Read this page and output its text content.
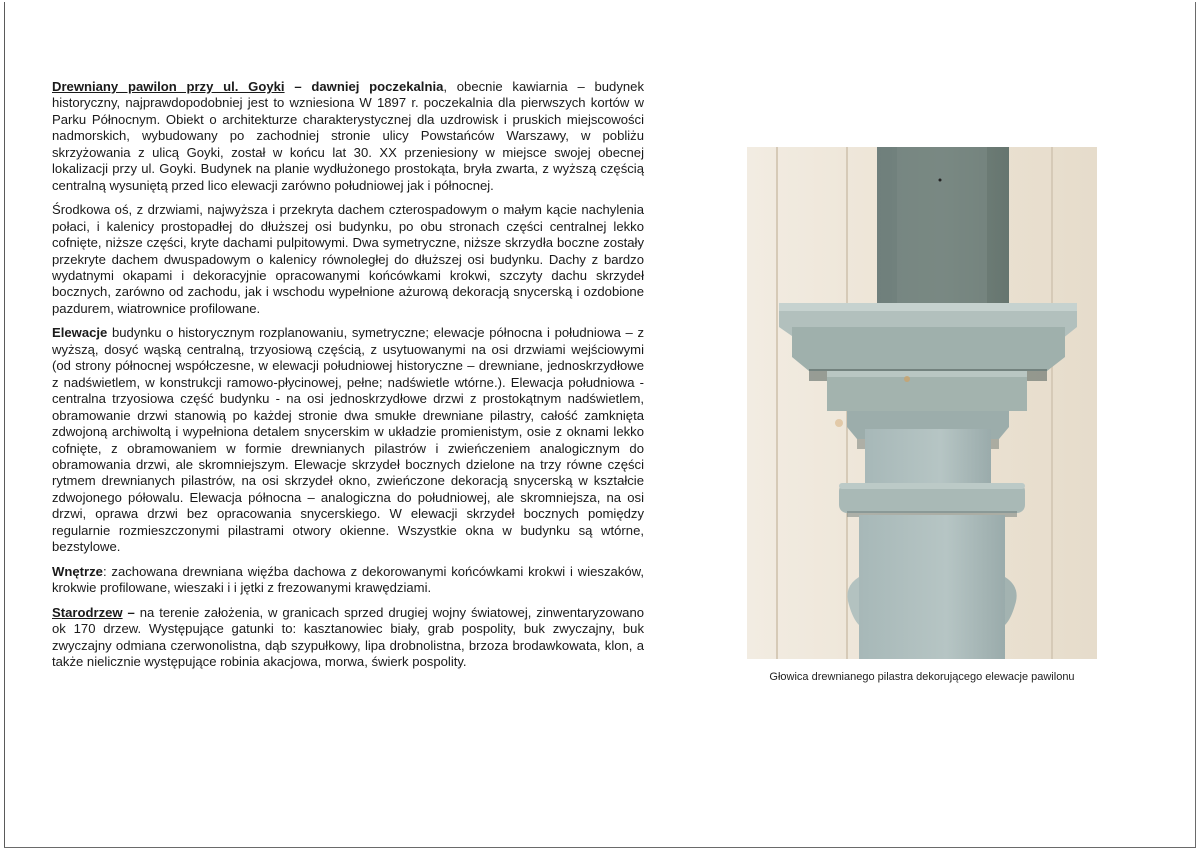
Drewniany pawilon przy ul. Goyki – dawniej poczekalnia, obecnie kawiarnia – budynek historyczny, najprawdopodobniej jest to wzniesiona W 1897 r. poczekalnia dla pierwszych kortów w Parku Północnym. Obiekt o architekturze charakterystycznej dla uzdrowisk i pruskich miejscowości nadmorskich, wybudowany po zachodniej stronie ulicy Powstańców Warszawy, w pobliżu skrzyżowania z ulicą Goyki, został w końcu lat 30. XX przeniesiony w miejsce swojej obecnej lokalizacji przy ul. Goyki. Budynek na planie wydłużonego prostokąta, bryła zwarta, z wyższą częścią centralną wysuniętą przed lico elewacji zarówno południowej jak i północnej.

Środkowa oś, z drzwiami, najwyższa i przekryta dachem czterospadowym o małym kącie nachylenia połaci, i kalenicy prostopadłej do dłuższej osi budynku, po obu stronach części centralnej lekko cofnięte, niższe części, kryte dachami pulpitowymi. Dwa symetryczne, niższe skrzydła boczne zostały przekryte dachem dwuspadowym o kalenicy równoległej do dłuższej osi budynku. Dachy z bardzo wydatnymi okapami i dekoracyjnie opracowanymi końcówkami krokwi, szczyty dachu skrzydeł bocznych, zarówno od zachodu, jak i wschodu wypełnione ażurową dekoracją snycerską i ozdobione pazdurem, wiatrownice profilowane.

Elewacje budynku o historycznym rozplanowaniu, symetryczne; elewacje północna i południowa – z wyższą, dosyć wąską centralną, trzyosiową częścią, z usytuowanymi na osi drzwiami wejściowymi (od strony północnej współczesne, w elewacji południowej historyczne – drewniane, jednoskrzydłowe z nadświetlem, w konstrukcji ramowo-płycinowej, pełne; nadświetle wtórne.). Elewacja południowa - centralna trzyosiowa część budynku - na osi jednoskrzydłowe drzwi z prostokątnym nadświetlem, obramowanie drzwi stanowią po każdej stronie dwa smukłe drewniane pilastry, całość zamknięta zdwojoną archiwoltą i wypełniona detalem snycerskim w układzie promienistym, osie z oknami lekko cofnięte, z obramowaniem w formie drewnianych pilastrów i zwieńczeniem analogicznym do obramowania drzwi, ale skromniejszym. Elewacje skrzydeł bocznych dzielone na trzy równe części rytmem drewnianych pilastrów, na osi skrzydeł okno, zwieńczone dekoracją snycerską w kształcie zdwojonego półowalu. Elewacja północna – analogiczna do południowej, ale skromniejsza, na osi drzwi, oprawa drzwi bez opracowania snycerskiego. W elewacji skrzydeł bocznych pomiędzy regularnie rozmieszczonymi pilastrami otwory okienne. Wszystkie okna w budynku są wtórne, bezstylowe.

Wnętrze: zachowana drewniana więźba dachowa z dekorowanymi końcówkami krokwi i wieszaków, krokwie profilowane, wieszaki i i jętki z frezowanymi krawędziami.

Starodrzew – na terenie założenia, w granicach sprzed drugiej wojny światowej, zinwentaryzowano ok 170 drzew. Występujące gatunki to: kasztanowiec biały, grab pospolity, buk zwyczajny, buk zwyczajny odmiana czerwonolistna, dąb szypułkowy, lipa drobnolistna, brzoza brodawkowata, klon, a także nielicznie występujące robinia akacjowa, morwa, świerk pospolity.

Głowica drewnianego pilastra dekorującego elewacje pawilonu
